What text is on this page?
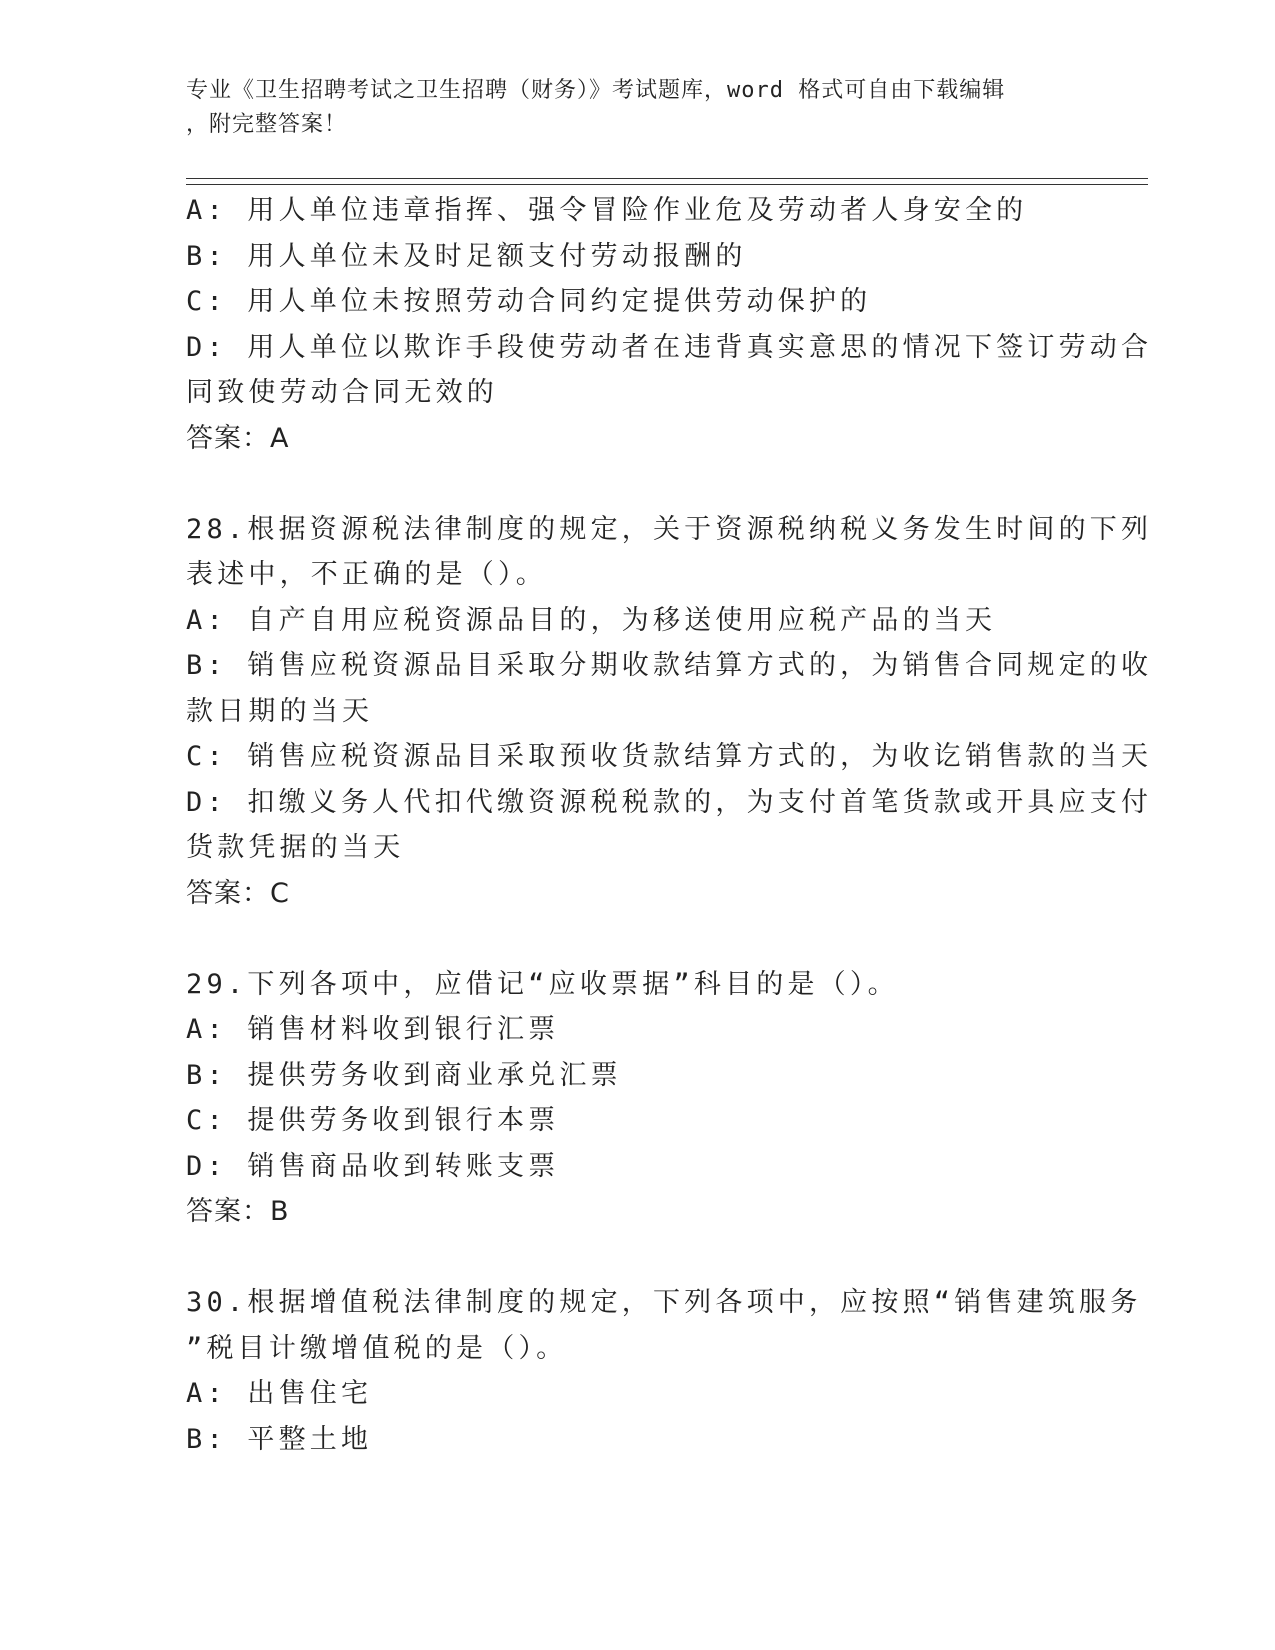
专业《卫生招聘考试之卫生招聘（财务）》考试题库，word 格式可自由下载编辑
，附完整答案！
A: 用人单位违章指挥、强令冒险作业危及劳动者人身安全的
B: 用人单位未及时足额支付劳动报酬的
C: 用人单位未按照劳动合同约定提供劳动保护的
D: 用人单位以欺诈手段使劳动者在违背真实意思的情况下签订劳动合
同致使劳动合同无效的
答案：A
28.根据资源税法律制度的规定，关于资源税纳税义务发生时间的下列
表述中，不正确的是（）。
A: 自产自用应税资源品目的，为移送使用应税产品的当天
B: 销售应税资源品目采取分期收款结算方式的，为销售合同规定的收
款日期的当天
C: 销售应税资源品目采取预收货款结算方式的，为收讫销售款的当天
D: 扣缴义务人代扣代缴资源税税款的，为支付首笔货款或开具应支付
货款凭据的当天
答案：C
29.下列各项中，应借记“应收票据”科目的是（）。
A: 销售材料收到银行汇票
B: 提供劳务收到商业承兑汇票
C: 提供劳务收到银行本票
D: 销售商品收到转账支票
答案：B
30.根据增值税法律制度的规定，下列各项中，应按照“销售建筑服务
”税目计缴增值税的是（）。
A: 出售住宅
B: 平整土地
